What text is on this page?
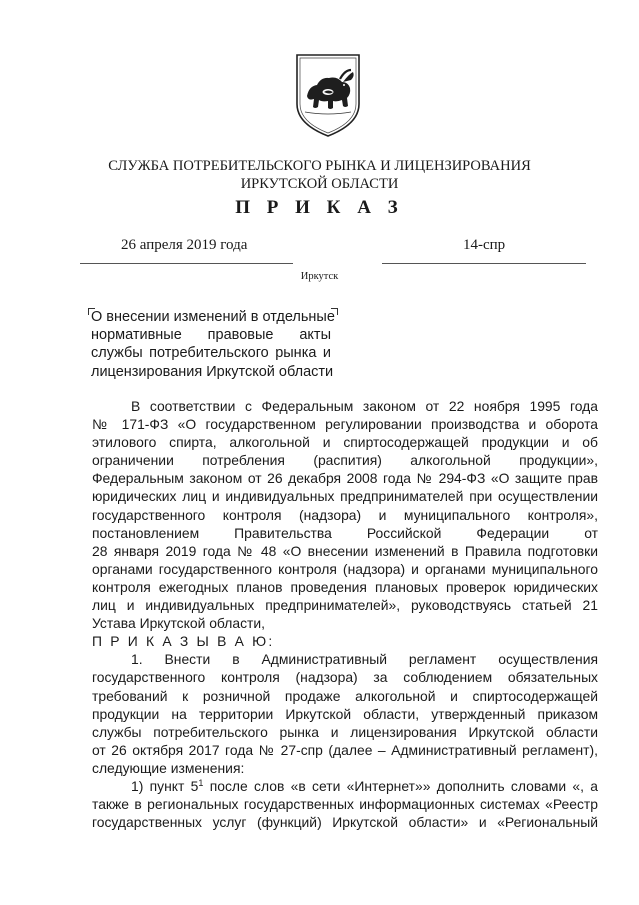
СЛУЖБА ПОТРЕБИТЕЛЬСКОГО РЫНКА И ЛИЦЕНЗИРОВАНИЯ
ИРКУТСКОЙ ОБЛАСТИ
П Р И К А З
26 апреля 2019 года	14-спр
Иркутск
О внесении изменений в отдельные
нормативные правовые акты
службы потребительского рынка и
лицензирования Иркутской области
В соответствии с Федеральным законом от 22 ноября 1995 года
№ 171-ФЗ «О государственном регулировании производства и оборота
этилового спирта, алкогольной и спиртосодержащей продукции и об
ограничении потребления (распития) алкогольной продукции»,
Федеральным законом от 26 декабря 2008 года № 294-ФЗ «О защите прав
юридических лиц и индивидуальных предпринимателей при осуществлении
государственного контроля (надзора) и муниципального контроля»,
постановлением Правительства Российской Федерации от
28 января 2019 года № 48 «О внесении изменений в Правила подготовки
органами государственного контроля (надзора) и органами муниципального
контроля ежегодных планов проведения плановых проверок юридических
лиц и индивидуальных предпринимателей», руководствуясь статьей 21
Устава Иркутской области,
П Р И К А З Ы В А Ю:
1. Внести в Административный регламент осуществления
государственного контроля (надзора) за соблюдением обязательных
требований к розничной продаже алкогольной и спиртосодержащей
продукции на территории Иркутской области, утвержденный приказом
службы потребительского рынка и лицензирования Иркутской области
от 26 октября 2017 года № 27-спр (далее – Административный регламент),
следующие изменения:
1) пункт $5^1$ после слов «в сети «Интернет»» дополнить словами «, а
также в региональных государственных информационных системах «Реестр
государственных услуг (функций) Иркутской области» и «Региональный
